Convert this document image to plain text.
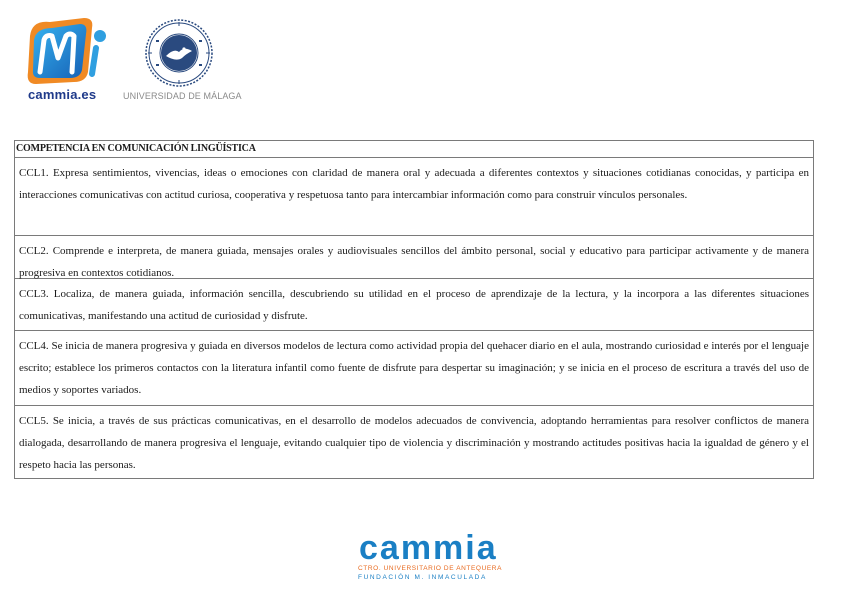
cammia.es	UNIVERSIDAD DE MÁLAGA
COMPETENCIA EN COMUNICACIÓN LINGÜÍSTICA
CCL1. Expresa sentimientos, vivencias, ideas o emociones con claridad de manera oral y adecuada a diferentes contextos y situaciones cotidianas conocidas, y participa en interacciones comunicativas con actitud curiosa, cooperativa y respetuosa tanto para intercambiar información como para construir vínculos personales.
CCL2. Comprende e interpreta, de manera guiada, mensajes orales y audiovisuales sencillos del ámbito personal, social y educativo para participar activamente y de manera progresiva en contextos cotidianos.
CCL3. Localiza, de manera guiada, información sencilla, descubriendo su utilidad en el proceso de aprendizaje de la lectura, y la incorpora a las diferentes situaciones comunicativas, manifestando una actitud de curiosidad y disfrute.
CCL4. Se inicia de manera progresiva y guiada en diversos modelos de lectura como actividad propia del quehacer diario en el aula, mostrando curiosidad e interés por el lenguaje escrito; establece los primeros contactos con la literatura infantil como fuente de disfrute para despertar su imaginación; y se inicia en el proceso de escritura a través del uso de medios y soportes variados.
CCL5. Se inicia, a través de sus prácticas comunicativas, en el desarrollo de modelos adecuados de convivencia, adoptando herramientas para resolver conflictos de manera dialogada, desarrollando de manera progresiva el lenguaje, evitando cualquier tipo de violencia y discriminación y mostrando actitudes positivas hacia la igualdad de género y el respeto hacia las personas.
cammia
CTRO. UNIVERSITARIO DE ANTEQUERA
FUNDACIÓN M. INMACULADA
